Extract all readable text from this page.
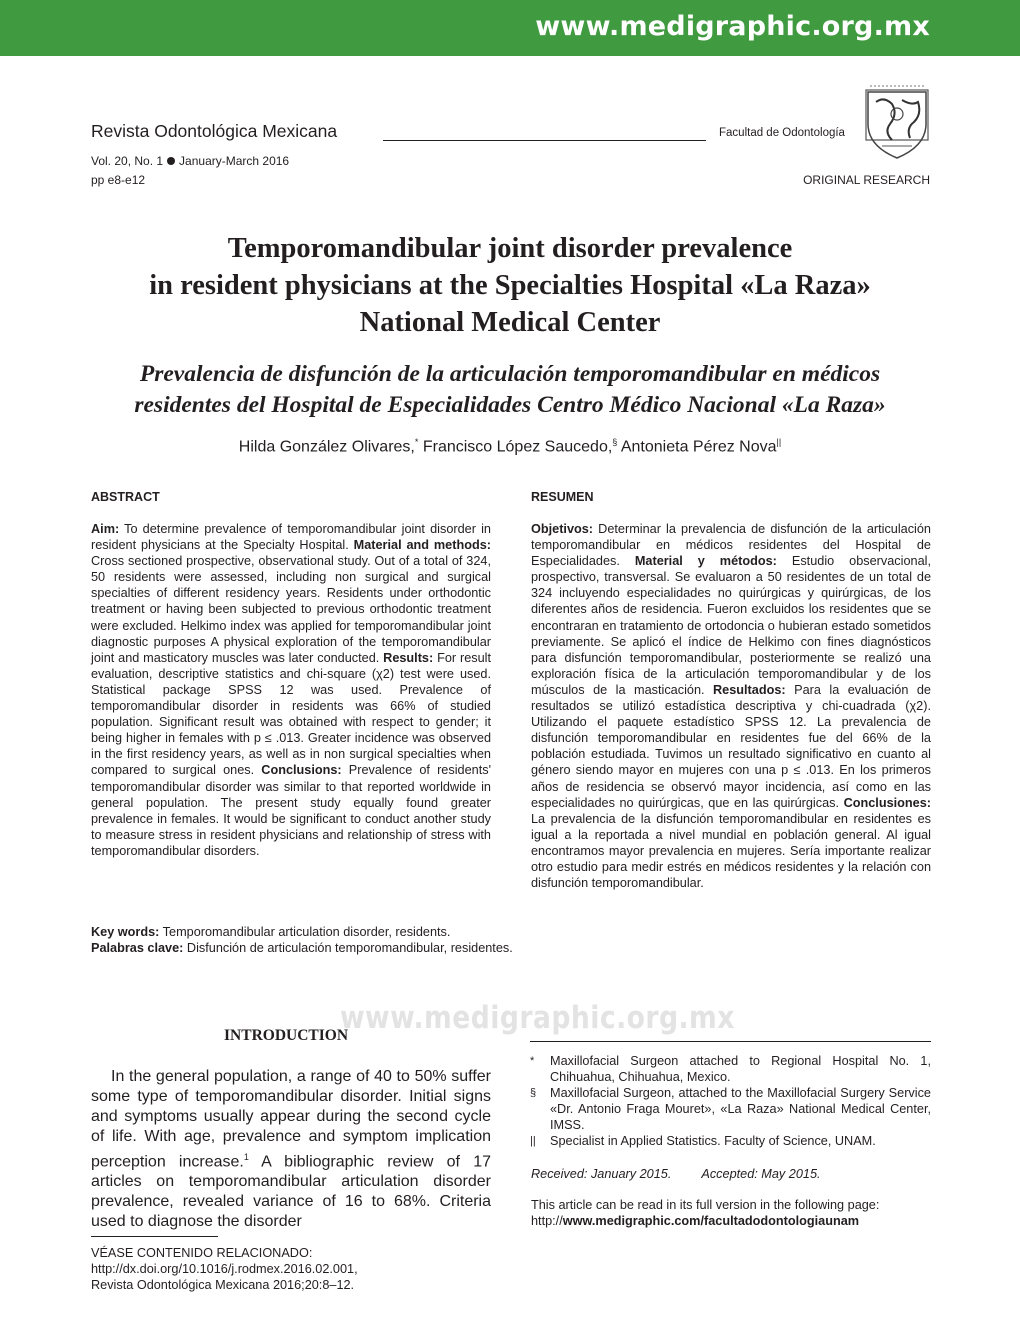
www.medigraphic.org.mx
Revista Odontológica Mexicana	Facultad de Odontología
Vol. 20, No. 1 January-March 2016
pp e8-e12	ORIGINAL RESEARCH
Temporomandibular joint disorder prevalence
in resident physicians at the Specialties Hospital «La Raza»
National Medical Center
Prevalencia de disfunción de la articulación temporomandibular en médicos
residentes del Hospital de Especialidades Centro Médico Nacional «La Raza»
Hilda González Olivares,* Francisco López Saucedo,§ Antonieta Pérez Nova||
ABSTRACT
Aim: To determine prevalence of temporomandibular joint disorder in resident physicians at the Specialty Hospital. Material and methods: Cross sectioned prospective, observational study. Out of a total of 324, 50 residents were assessed, including non surgical and surgical specialties of different residency years. Residents under orthodontic treatment or having been subjected to previous orthodontic treatment were excluded. Helkimo index was applied for temporomandibular joint diagnostic purposes A physical exploration of the temporomandibular joint and masticatory muscles was later conducted. Results: For result evaluation, descriptive statistics and chi-square (χ2) test were used. Statistical package SPSS 12 was used. Prevalence of temporomandibular disorder in residents was 66% of studied population. Significant result was obtained with respect to gender; it being higher in females with p ≤ .013. Greater incidence was observed in the first residency years, as well as in non surgical specialties when compared to surgical ones. Conclusions: Prevalence of residents' temporomandibular disorder was similar to that reported worldwide in general population. The present study equally found greater prevalence in females. It would be significant to conduct another study to measure stress in resident physicians and relationship of stress with temporomandibular disorders.
RESUMEN
Objetivos: Determinar la prevalencia de disfunción de la articulación temporomandibular en médicos residentes del Hospital de Especialidades. Material y métodos: Estudio observacional, prospectivo, transversal. Se evaluaron a 50 residentes de un total de 324 incluyendo especialidades no quirúrgicas y quirúrgicas, de los diferentes años de residencia. Fueron excluidos los residentes que se encontraran en tratamiento de ortodoncia o hubieran estado sometidos previamente. Se aplicó el índice de Helkimo con fines diagnósticos para disfunción temporomandibular, posteriormente se realizó una exploración física de la articulación temporomandibular y de los músculos de la masticación. Resultados: Para la evaluación de resultados se utilizó estadística descriptiva y chi-cuadrada (χ2). Utilizando el paquete estadístico SPSS 12. La prevalencia de disfunción temporomandibular en residentes fue del 66% de la población estudiada. Tuvimos un resultado significativo en cuanto al género siendo mayor en mujeres con una p ≤ .013. En los primeros años de residencia se observó mayor incidencia, así como en las especialidades no quirúrgicas, que en las quirúrgicas. Conclusiones: La prevalencia de la disfunción temporomandibular en residentes es igual a la reportada a nivel mundial en población general. Al igual encontramos mayor prevalencia en mujeres. Sería importante realizar otro estudio para medir estrés en médicos residentes y la relación con disfunción temporomandibular.
Key words: Temporomandibular articulation disorder, residents.
Palabras clave: Disfunción de articulación temporomandibular, residentes.
www.medigraphic.org.mx
INTRODUCTION
In the general population, a range of 40 to 50% suffer some type of temporomandibular disorder. Initial signs and symptoms usually appear during the second cycle of life. With age, prevalence and symptom implication perception increase.$^1$ A bibliographic review of 17 articles on temporomandibular articulation disorder prevalence, revealed variance of 16 to 68%. Criteria used to diagnose the disorder
VÉASE CONTENIDO RELACIONADO:
http://dx.doi.org/10.1016/j.rodmex.2016.02.001,
Revista Odontológica Mexicana 2016;20:8–12.
*	Maxillofacial Surgeon attached to Regional Hospital No. 1, Chihuahua, Chihuahua, Mexico.
§	Maxillofacial Surgeon, attached to the Maxillofacial Surgery Service «Dr. Antonio Fraga Mouret», «La Raza» National Medical Center, IMSS.
||	Specialist in Applied Statistics. Faculty of Science, UNAM.
Received: January 2015. Accepted: May 2015.
This article can be read in its full version in the following page:
http://www.medigraphic.com/facultadodontologiaunam
